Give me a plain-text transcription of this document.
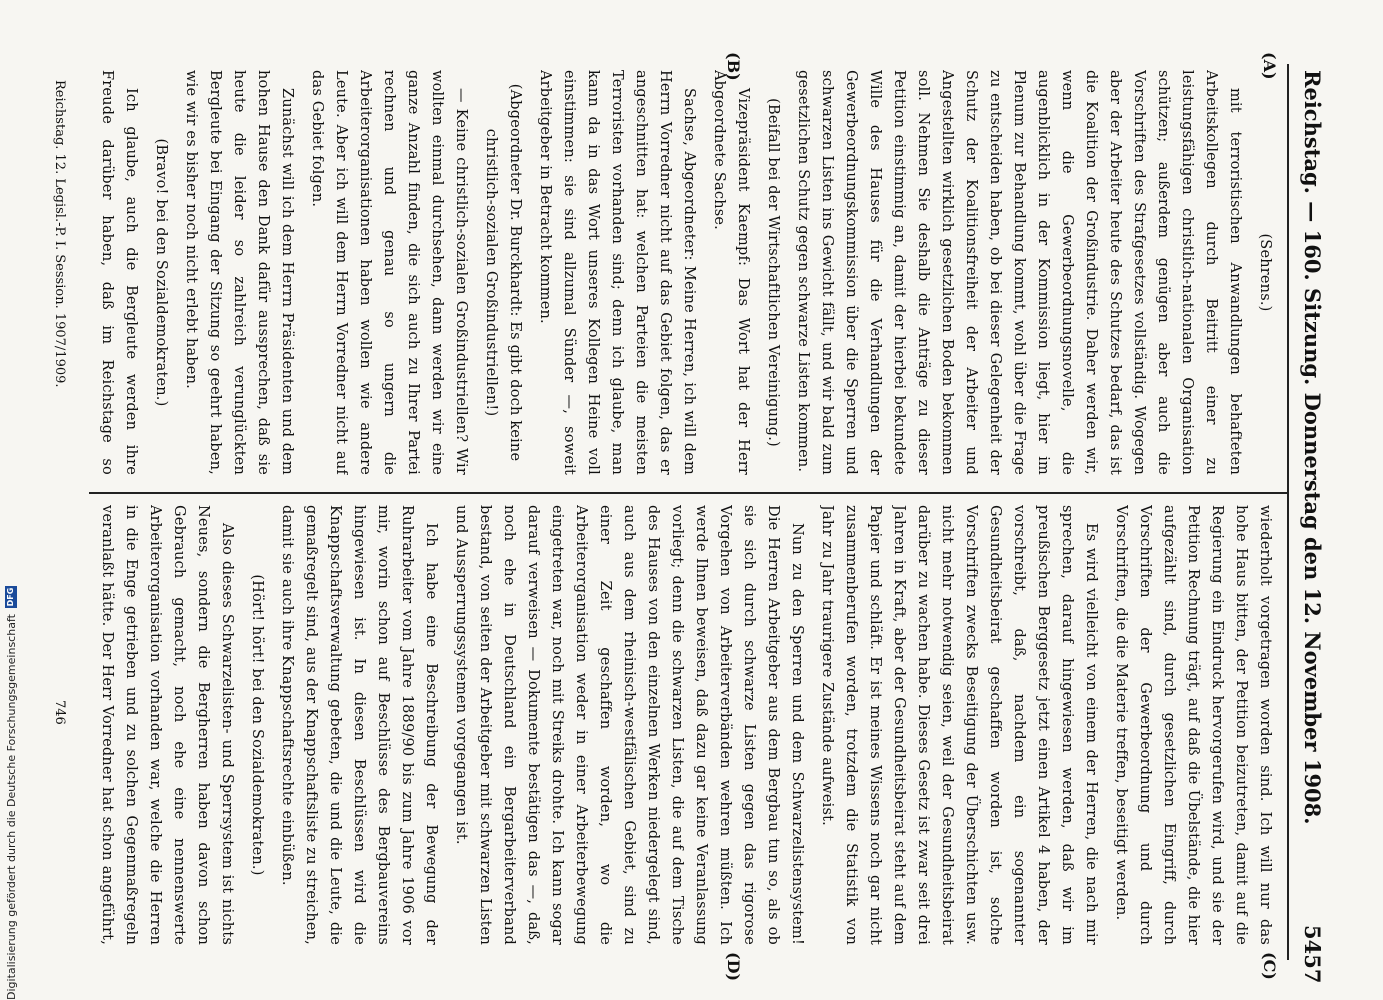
Reichstag. — 160. Sitzung. Donnerstag den 12. November 1908.
5457
(A)
(B)
(C)
(D)

(Sehrens.)

mit terroristischen Anwandlungen behafteten Arbeitskollegen durch Beitritt einer zu leistungsfähigen christlich-nationalen Organisation schützen; außerdem genügen aber auch die Vorschriften des Strafgesetzes vollständig. Wogegen aber der Arbeiter heute des Schutzes bedarf, das ist die Koalition der Großindustrie. Daher werden wir, wenn die Gewerbeordnungsnovelle, die augenblicklich in der Kommission liegt, hier im Plenum zur Behandlung kommt, wohl über die Frage zu entscheiden haben, ob bei dieser Gelegenheit der Schutz der Koalitionsfreiheit der Arbeiter und Angestellten wirklich gesetzlichen Boden bekommen soll. Nehmen Sie deshalb die Anträge zu dieser Petition einstimmig an, damit der hierbei bekundete Wille des Hauses für die Verhandlungen der Gewerbeordnungskommission über die Sperren und schwarzen Listen ins Gewicht fällt, und wir bald zum gesetzlichen Schutz gegen schwarze Listen kommen.

(Beifall bei der Wirtschaftlichen Vereinigung.)

Vizepräsident Kaempf: Das Wort hat der Herr Abgeordnete Sachse.

Sachse, Abgeordneter: Meine Herren, ich will dem Herrn Vorredner nicht auf das Gebiet folgen, das er angeschnitten hat: welchen Parteien die meisten Terroristen vorhanden sind; denn ich glaube, man kann da in das Wort unseres Kollegen Heine voll einstimmen: sie sind allzumal Sünder —, soweit Arbeitgeber in Betracht kommen.

(Abgeordneter Dr. Burckhardt: Es gibt doch keine christlich-sozialen Großindustriellen!)

— Keine christlich-sozialen Großindustriellen? Wir wollten einmal durchsehen, dann werden wir eine ganze Anzahl finden, die sich auch zu Ihrer Partei rechnen und genau so ungern die Arbeiterorganisationen haben wollen wie andere Leute. Aber ich will dem Herrn Vorredner nicht auf das Gebiet folgen.

Zunächst will ich dem Herrn Präsidenten und dem hohen Hause den Dank dafür aussprechen, daß sie heute die leider so zahlreich verunglückten Bergleute bei Eingang der Sitzung so geehrt haben, wie wir es bisher noch nicht erlebt haben.

(Bravo! bei den Sozialdemokraten.)

Ich glaube, auch die Bergleute werden ihre Freude darüber haben, daß im Reichstage so

wiederholt vorgetragen worden sind. Ich will nur das hohe Haus bitten, der Petition beizutreten, damit auf die Regierung ein Eindruck hervorgerufen wird, und sie der Petition Rechnung trägt, auf daß die Übelstände, die hier aufgezählt sind, durch gesetzlichen Eingriff, durch Vorschriften der Gewerbeordnung und durch Vorschriften, die die Materie treffen, beseitigt werden.

Es wird vielleicht von einem der Herren, die nach mir sprechen, darauf hingewiesen werden, daß wir im preußischen Berggesetz jetzt einen Artikel 4 haben, der vorschreibt, daß, nachdem ein sogenannter Gesundheitsbeirat geschaffen worden ist, solche Vorschriften zwecks Beseitigung der Überschichten usw. nicht mehr notwendig seien, weil der Gesundheitsbeirat darüber zu wachen habe. Dieses Gesetz ist zwar seit drei Jahren in Kraft, aber der Gesundheitsbeirat steht auf dem Papier und schläft. Er ist meines Wissens noch gar nicht zusammenberufen worden, trotzdem die Statistik von Jahr zu Jahr traurigere Zustände aufweist.

Nun zu den Sperren und dem Schwarzelistensystem! Die Herren Arbeitgeber aus dem Bergbau tun so, als ob sie sich durch schwarze Listen gegen das rigorose Vorgehen von Arbeiterverbänden wehren müßten. Ich werde Ihnen beweisen, daß dazu gar keine Veranlassung vorliegt; denn die schwarzen Listen, die auf dem Tische des Hauses von den einzelnen Werken niedergelegt sind, auch aus dem rheinisch-westfälischen Gebiet, sind zu einer Zeit geschaffen worden, wo die Arbeiterorganisation weder in einer Arbeiterbewegung eingetreten war, noch mit Streiks drohte. Ich kann sogar darauf verweisen — Dokumente bestätigen das —, daß, noch ehe in Deutschland ein Bergarbeiterverband bestand, von seiten der Arbeitgeber mit schwarzen Listen und Aussperrungssystemen vorgegangen ist.

Ich habe eine Beschreibung der Bewegung der Ruhrarbeiter vom Jahre 1889/90 bis zum Jahre 1906 vor mir, worin schon auf Beschlüsse des Bergbauvereins hingewiesen ist. In diesen Beschlüssen wird die Knappschaftsverwaltung gebeten, die und die Leute, die gemaßregelt sind, aus der Knappschaftsliste zu streichen, damit sie auch ihre Knappschaftsrechte einbüßen.

(Hört! hört! bei den Sozialdemokraten.)

Also dieses Schwarzelisten- und Sperrsystem ist nichts Neues, sondern die Bergherren haben davon schon Gebrauch gemacht, noch ehe eine nennenswerte Arbeiterorganisation vorhanden war, welche die Herren in die Enge getrieben und zu solchen Gegenmaßregeln veranlaßt hätte. Der Herr Vorredner hat schon angeführt,

Reichstag. 12. Legisl.-P. I. Session. 1907/1909.
746
Digitalisierung gefördert durch die Deutsche Forschungsgemeinschaft
DFG
